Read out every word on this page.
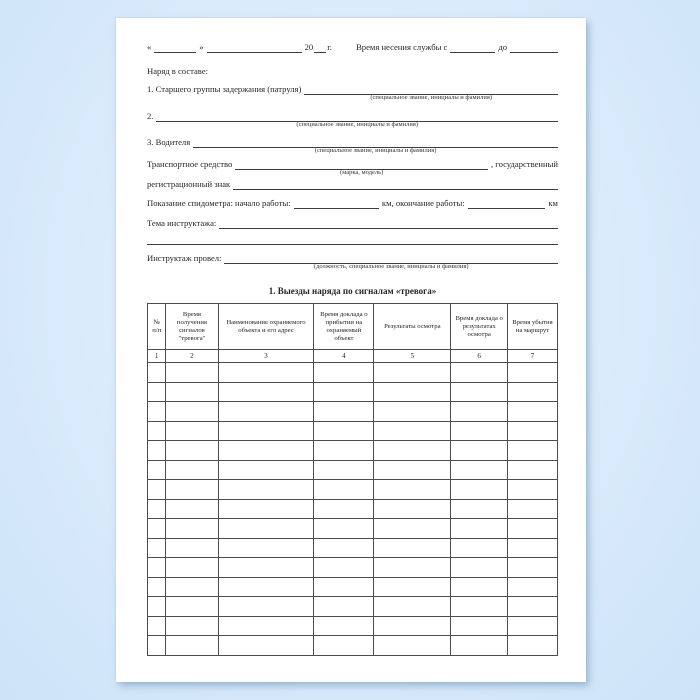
«	»	20 г.	Время несения службы с	до
Наряд в составе:
1. Старшего группы задержания (патруля)
(специальное звание, инициалы и фамилия)
2.
(специальное звание, инициалы и фамилия)
3. Водителя
(специальное звание, инициалы и фамилия)
Транспортное средство
(марка, модель)
, государственный
регистрационный знак
Показание спидометра: начало работы:	км, окончание работы:	км
Тема инструктажа:
Инструктаж провел:
(должность, специальное звание, инициалы и фамилия)
1. Выезды наряда по сигналам «тревога»
№ п/п	Время получения сигналов "тревога"	Наименование охраняемого объекта и его адрес	Время доклада о прибытии на охраняемый объект	Результаты осмотра	Время доклада о результатах осмотра	Время убытия на маршрут
1	2	3	4	5	6	7
